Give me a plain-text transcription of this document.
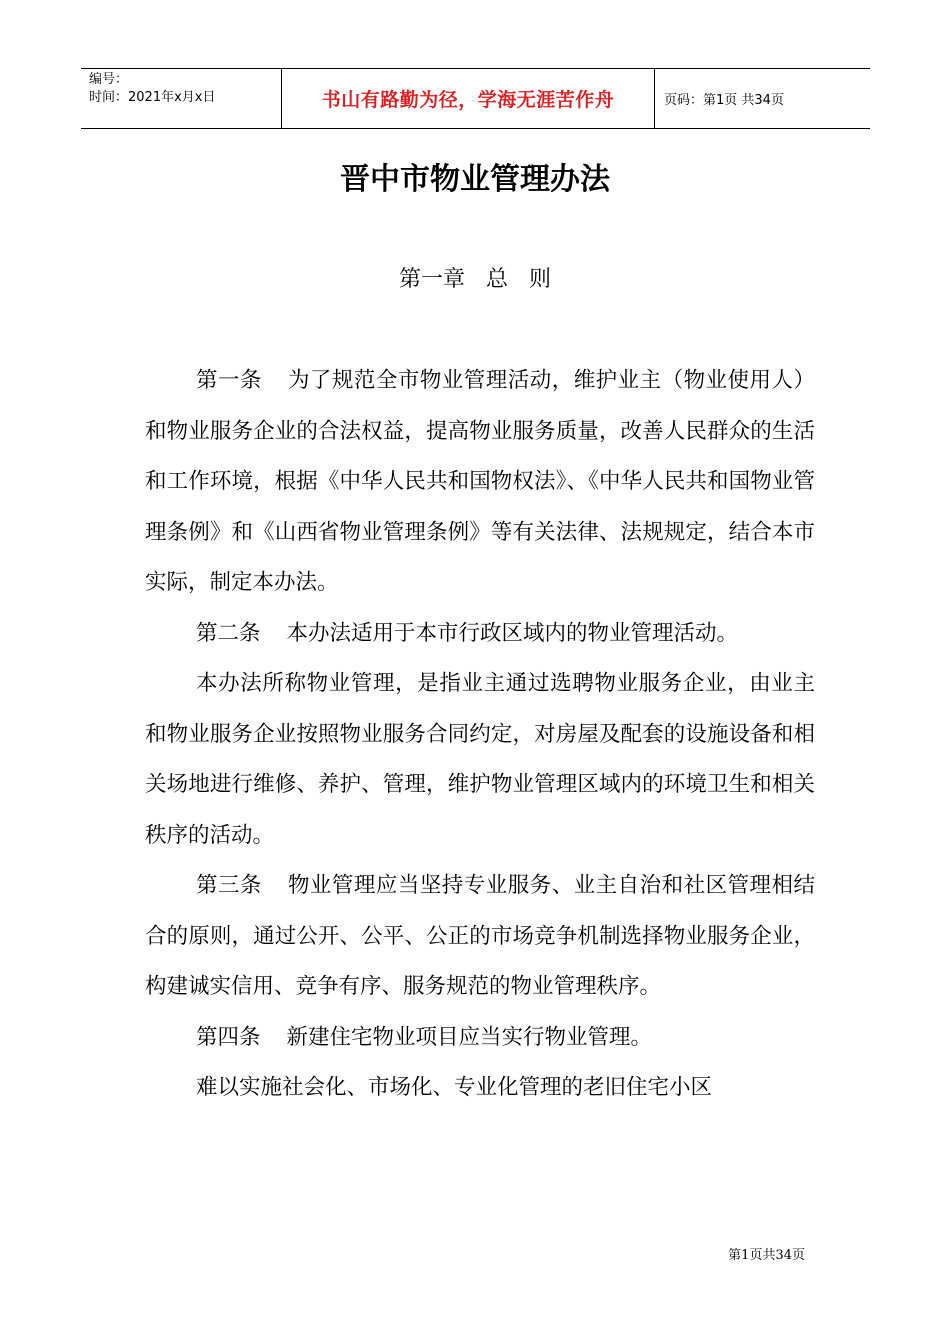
编号：
时间：2021年x月x日	书山有路勤为径，学海无涯苦作舟	页码：第1页 共34页
晋中市物业管理办法
第一章   总   则

第一条 为了规范全市物业管理活动，维护业主（物业使用人）和物业服务企业的合法权益，提高物业服务质量，改善人民群众的生活和工作环境，根据《中华人民共和国物权法》、《中华人民共和国物业管理条例》和《山西省物业管理条例》等有关法律、法规规定，结合本市实际，制定本办法。

第二条 本办法适用于本市行政区域内的物业管理活动。

本办法所称物业管理，是指业主通过选聘物业服务企业，由业主和物业服务企业按照物业服务合同约定，对房屋及配套的设施设备和相关场地进行维修、养护、管理，维护物业管理区域内的环境卫生和相关秩序的活动。

第三条 物业管理应当坚持专业服务、业主自治和社区管理相结合的原则，通过公开、公平、公正的市场竞争机制选择物业服务企业，构建诚实信用、竞争有序、服务规范的物业管理秩序。

第四条 新建住宅物业项目应当实行物业管理。

难以实施社会化、市场化、专业化管理的老旧住宅小区

第1页共34页
